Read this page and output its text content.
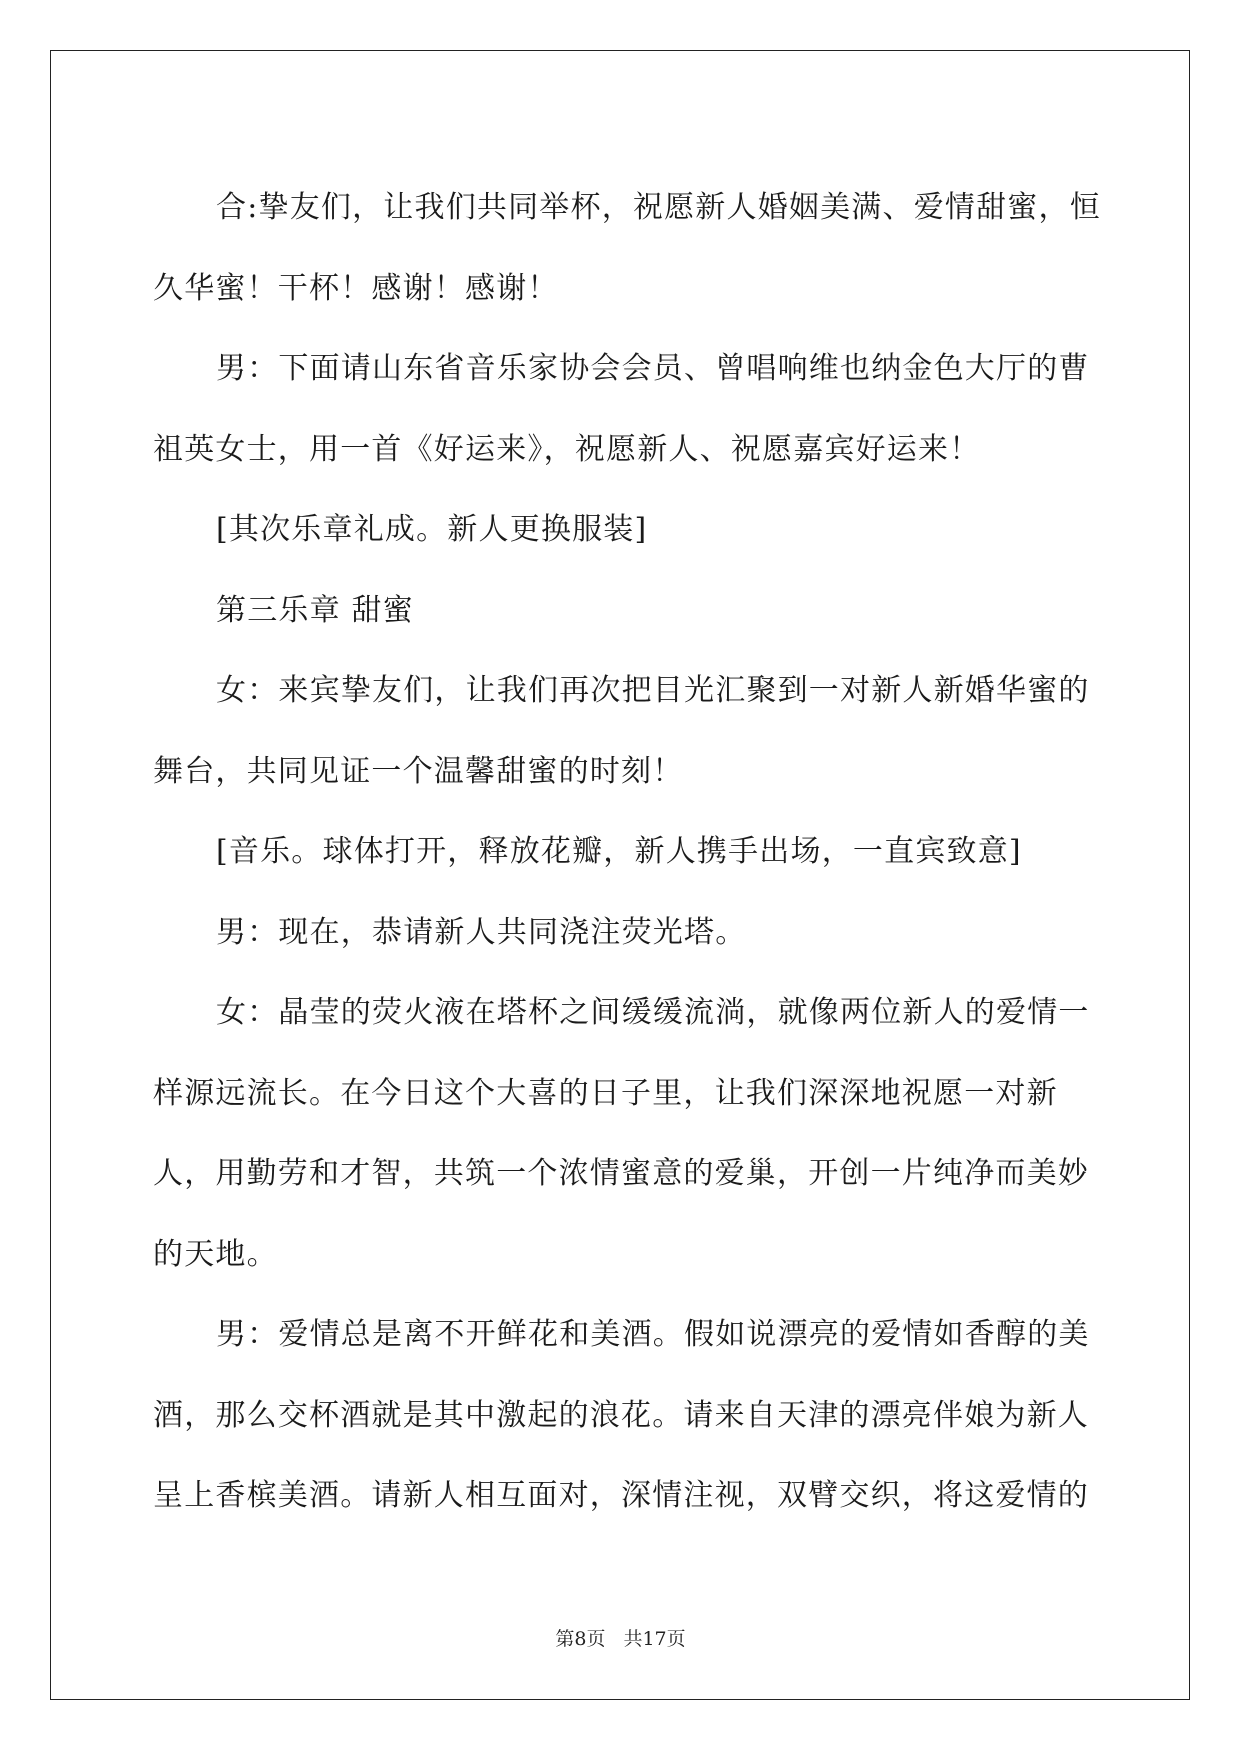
合:挚友们，让我们共同举杯，祝愿新人婚姻美满、爱情甜蜜，恒久华蜜！干杯！感谢！感谢！

男：下面请山东省音乐家协会会员、曾唱响维也纳金色大厅的曹祖英女士，用一首《好运来》，祝愿新人、祝愿嘉宾好运来！

[其次乐章礼成。新人更换服装]

第三乐章 甜蜜

女：来宾挚友们，让我们再次把目光汇聚到一对新人新婚华蜜的舞台，共同见证一个温馨甜蜜的时刻！

[音乐。球体打开，释放花瓣，新人携手出场，一直宾致意]

男：现在，恭请新人共同浇注荧光塔。

女：晶莹的荧火液在塔杯之间缓缓流淌，就像两位新人的爱情一样源远流长。在今日这个大喜的日子里，让我们深深地祝愿一对新人，用勤劳和才智，共筑一个浓情蜜意的爱巢，开创一片纯净而美妙的天地。

男：爱情总是离不开鲜花和美酒。假如说漂亮的爱情如香醇的美酒，那么交杯酒就是其中激起的浪花。请来自天津的漂亮伴娘为新人呈上香槟美酒。请新人相互面对，深情注视，双臂交织，将这爱情的

第8页 共17页
